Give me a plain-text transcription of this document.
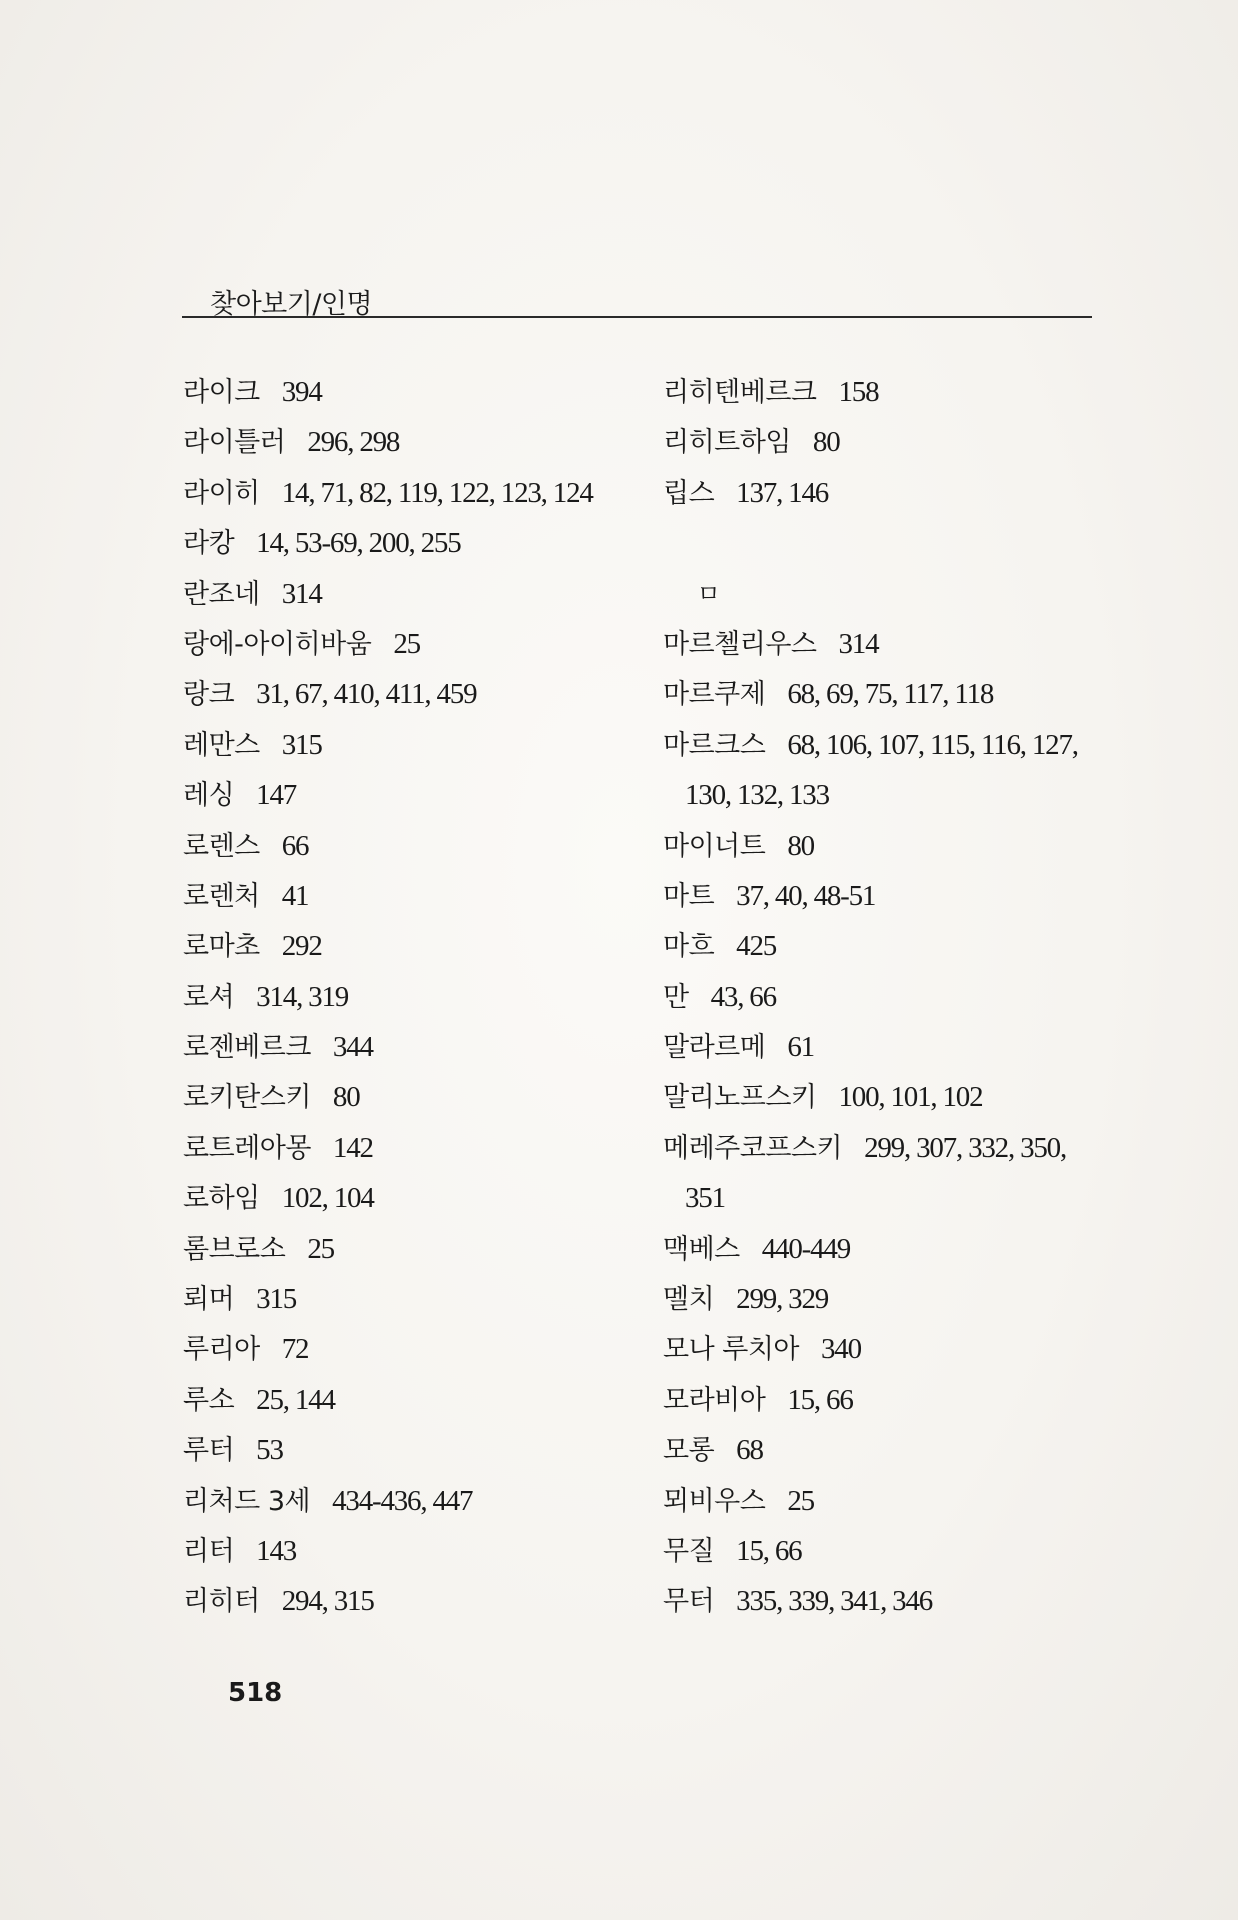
찾아보기/인명
라이크 394
라이틀러 296, 298
라이히 14, 71, 82, 119, 122, 123, 124
라캉 14, 53-69, 200, 255
란조네 314
랑에-아이히바움 25
랑크 31, 67, 410, 411, 459
레만스 315
레싱 147
로렌스 66
로렌처 41
로마초 292
로셔 314, 319
로젠베르크 344
로키탄스키 80
로트레아몽 142
로하임 102, 104
롬브로소 25
뢰머 315
루리아 72
루소 25, 144
루터 53
리처드 3세 434-436, 447
리터 143
리히터 294, 315
리히텐베르크 158
리히트하임 80
립스 137, 146
ㅁ
마르첼리우스 314
마르쿠제 68, 69, 75, 117, 118
마르크스 68, 106, 107, 115, 116, 127,
130, 132, 133
마이너트 80
마트 37, 40, 48-51
마흐 425
만 43, 66
말라르메 61
말리노프스키 100, 101, 102
메레주코프스키 299, 307, 332, 350,
351
맥베스 440-449
멜치 299, 329
모나 루치아 340
모라비아 15, 66
모롱 68
뫼비우스 25
무질 15, 66
무터 335, 339, 341, 346
518
